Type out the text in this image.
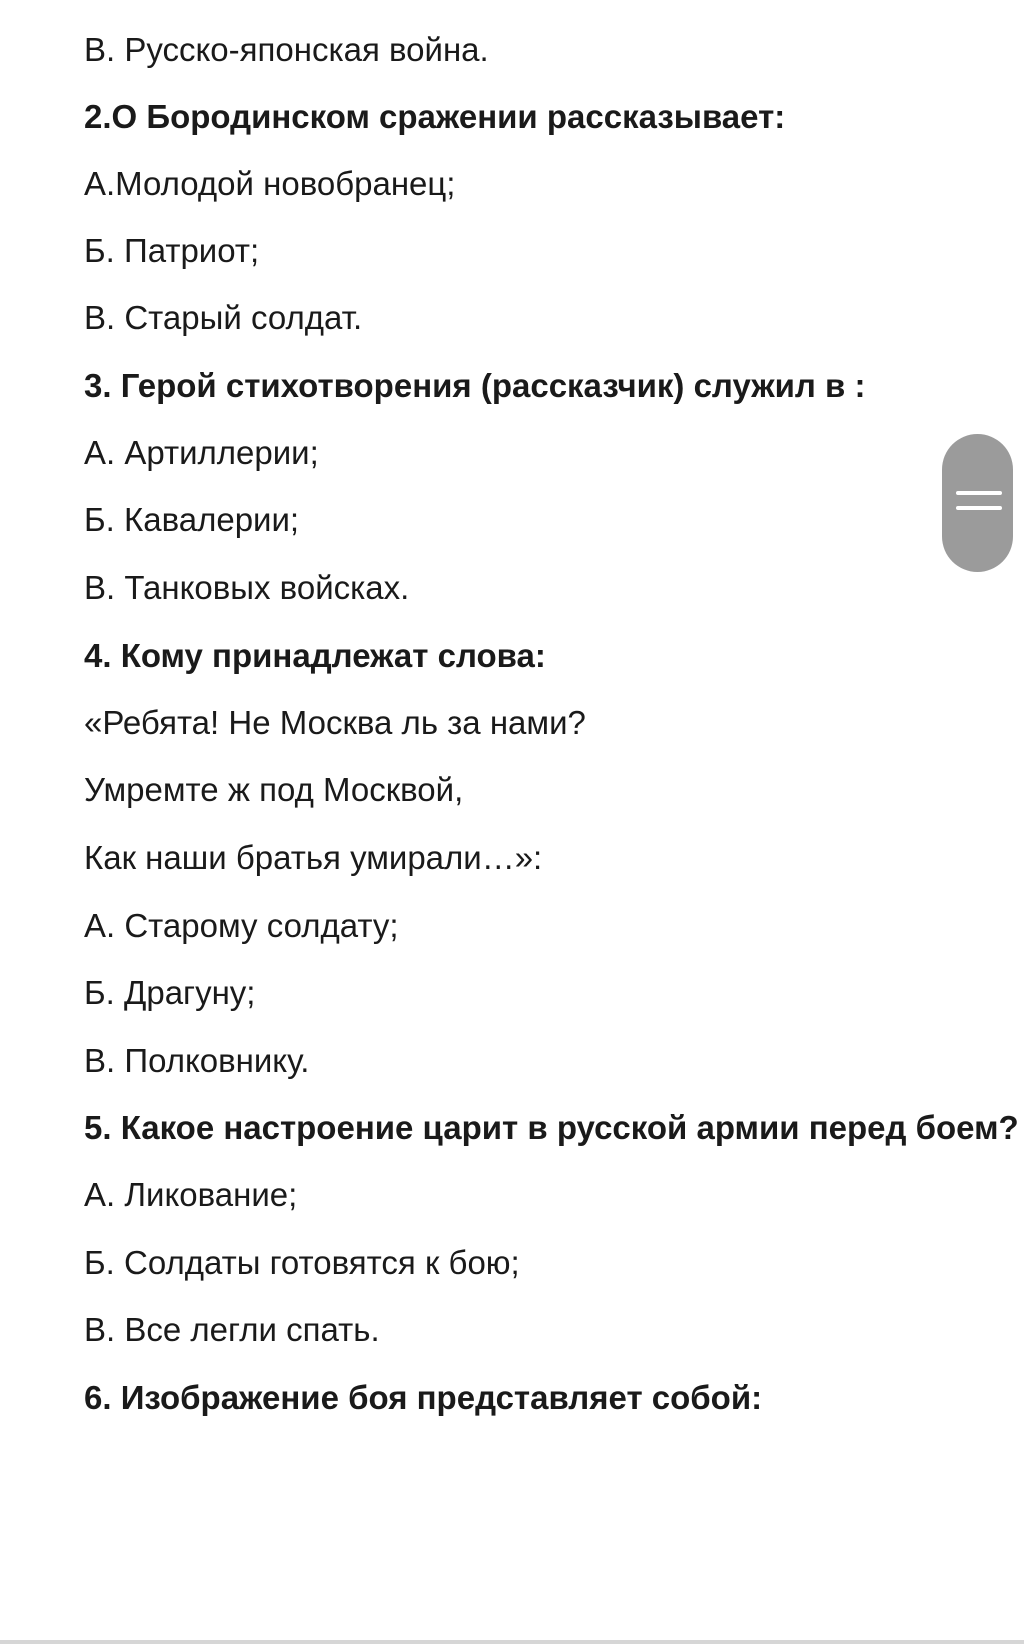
В. Русско-японская война.
2.О Бородинском сражении рассказывает:
А.Молодой новобранец;
Б. Патриот;
В. Старый солдат.
3. Герой стихотворения (рассказчик) служил в :
А. Артиллерии;
Б. Кавалерии;
В. Танковых войсках.
4. Кому принадлежат слова:
«Ребята! Не Москва ль за нами?
Умремте ж под Москвой,
Как наши братья умирали…»:
А. Старому солдату;
Б. Драгуну;
В. Полковнику.
5. Какое настроение царит в русской армии перед боем?
А. Ликование;
Б. Солдаты готовятся к бою;
В. Все легли спать.
6. Изображение боя представляет собой:
